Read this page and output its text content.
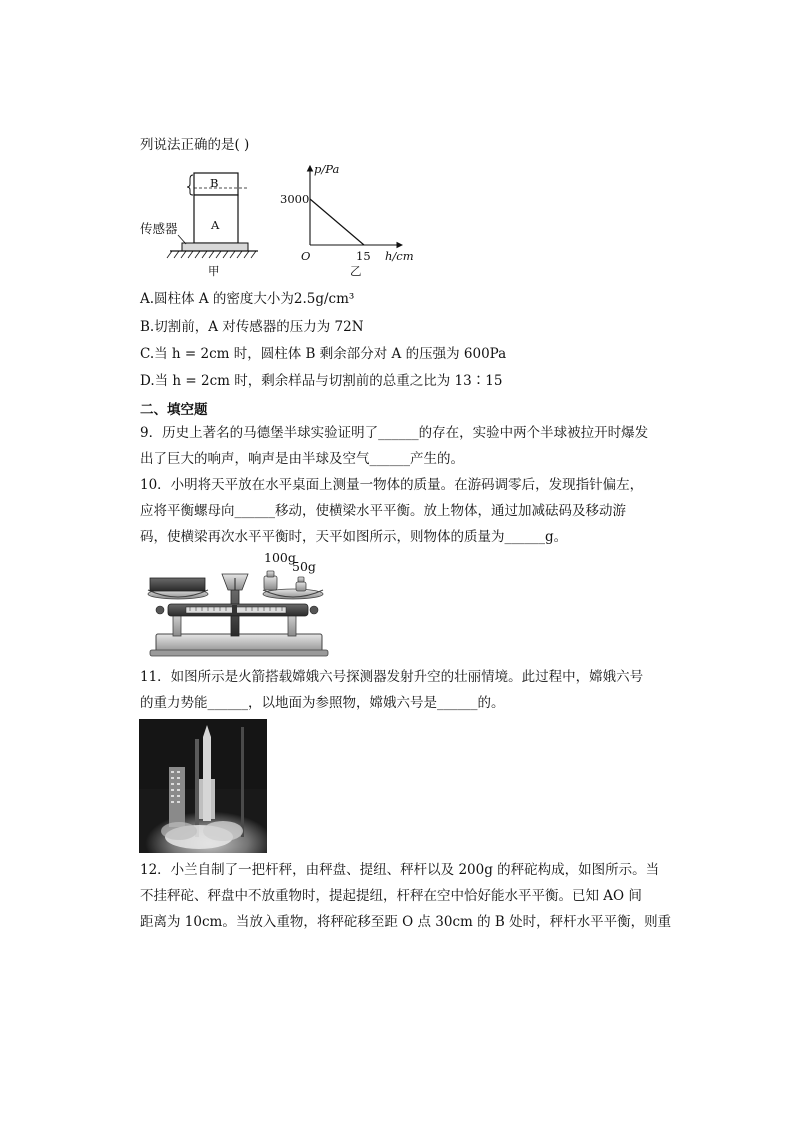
列说法正确的是( )
B
A
传感器
甲
p/Pa
3000
O	15 h/cm
乙
A.圆柱体 A 的密度大小为2.5g/cm³
B.切割前，A 对传感器的压力为 72N
C.当 h = 2cm 时，圆柱体 B 剩余部分对 A 的压强为 600Pa
D.当 h = 2cm 时，剩余样品与切割前的总重之比为 13∶15
二、填空题
9．历史上著名的马德堡半球实验证明了______的存在，实验中两个半球被拉开时爆发
出了巨大的响声，响声是由半球及空气______产生的。
10．小明将天平放在水平桌面上测量一物体的质量。在游码调零后，发现指针偏左，
应将平衡螺母向______移动，使横梁水平平衡。放上物体，通过加减砝码及移动游
码，使横梁再次水平平衡时，天平如图所示，则物体的质量为______g。
100g
50g
11．如图所示是火箭搭载嫦娥六号探测器发射升空的壮丽情境。此过程中，嫦娥六号
的重力势能______，以地面为参照物，嫦娥六号是______的。
12．小兰自制了一把杆秤，由秤盘、提纽、秤杆以及 200g 的秤砣构成，如图所示。当
不挂秤砣、秤盘中不放重物时，提起提纽，杆秤在空中恰好能水平平衡。已知 AO 间
距离为 10cm。当放入重物，将秤砣移至距 O 点 30cm 的 B 处时，秤杆水平平衡，则重
